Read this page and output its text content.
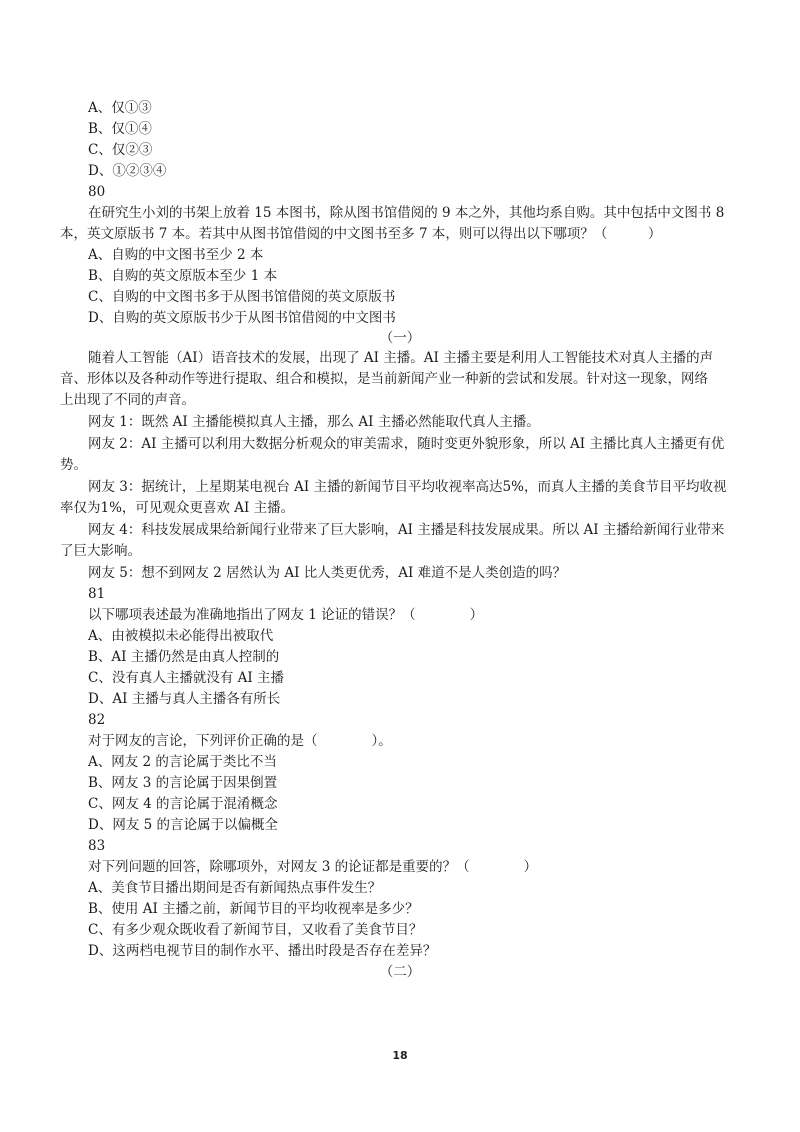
A、仅①③
B、仅①④
C、仅②③
D、①②③④
80
在研究生小刘的书架上放着 15 本图书，除从图书馆借阅的 9 本之外，其他均系自购。其中包括中文图书 8
本，英文原版书 7 本。若其中从图书馆借阅的中文图书至多 7 本，则可以得出以下哪项？（　　　）
A、自购的中文图书至少 2 本
B、自购的英文原版本至少 1 本
C、自购的中文图书多于从图书馆借阅的英文原版书
D、自购的英文原版书少于从图书馆借阅的中文图书
（一）
随着人工智能（AI）语音技术的发展，出现了 AI 主播。AI 主播主要是利用人工智能技术对真人主播的声
音、形体以及各种动作等进行提取、组合和模拟，是当前新闻产业一种新的尝试和发展。针对这一现象，网络
上出现了不同的声音。
网友 1：既然 AI 主播能模拟真人主播，那么 AI 主播必然能取代真人主播。
网友 2：AI 主播可以利用大数据分析观众的审美需求，随时变更外貌形象，所以 AI 主播比真人主播更有优
势。
网友 3：据统计，上星期某电视台 AI 主播的新闻节目平均收视率高达5%，而真人主播的美食节目平均收视
率仅为1%，可见观众更喜欢 AI 主播。
网友 4：科技发展成果给新闻行业带来了巨大影响，AI 主播是科技发展成果。所以 AI 主播给新闻行业带来
了巨大影响。
网友 5：想不到网友 2 居然认为 AI 比人类更优秀，AI 难道不是人类创造的吗？
81
以下哪项表述最为准确地指出了网友 1 论证的错误？（　　　　）
A、由被模拟未必能得出被取代
B、AI 主播仍然是由真人控制的
C、没有真人主播就没有 AI 主播
D、AI 主播与真人主播各有所长
82
对于网友的言论，下列评价正确的是（　　　　）。
A、网友 2 的言论属于类比不当
B、网友 3 的言论属于因果倒置
C、网友 4 的言论属于混淆概念
D、网友 5 的言论属于以偏概全
83
对下列问题的回答，除哪项外，对网友 3 的论证都是重要的？（　　　　）
A、美食节目播出期间是否有新闻热点事件发生？
B、使用 AI 主播之前，新闻节目的平均收视率是多少？
C、有多少观众既收看了新闻节目，又收看了美食节目？
D、这两档电视节目的制作水平、播出时段是否存在差异？
（二）
18
